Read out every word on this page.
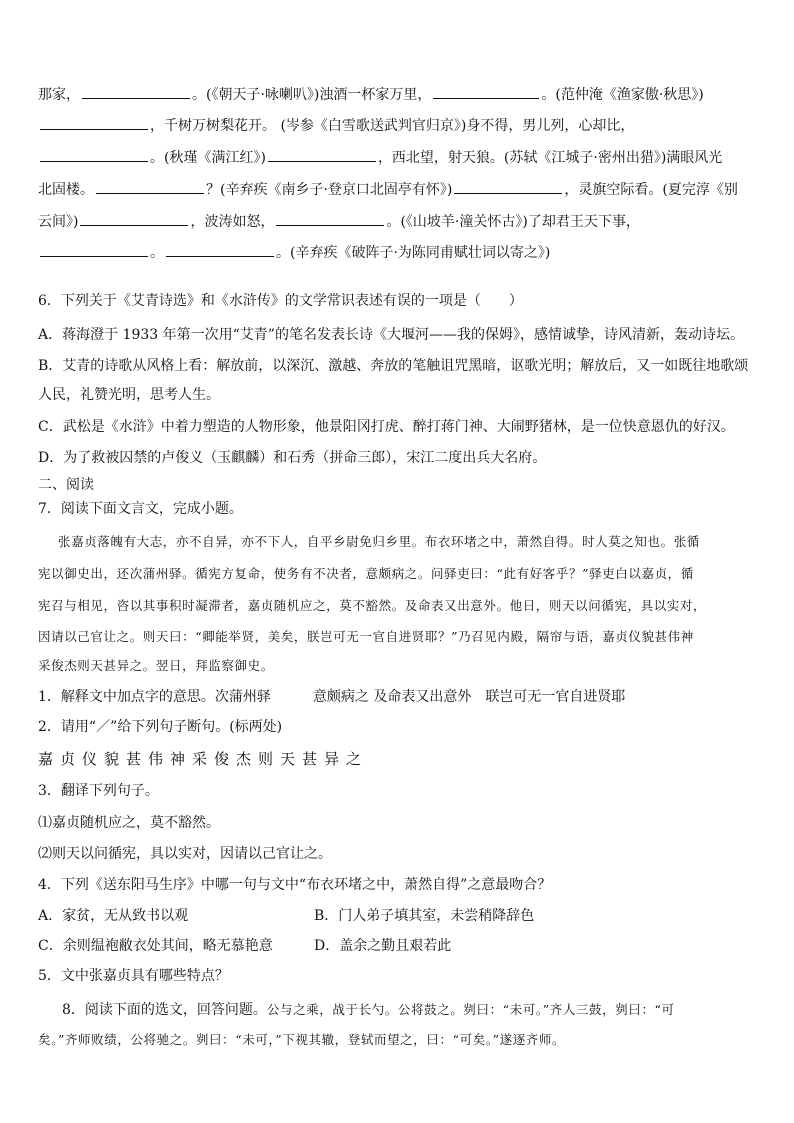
那家，	。(《朝天子·咏喇叭》)浊酒一杯家万里，	。(范仲淹《渔家傲·秋思》)
，千树万树梨花开。 (岑参《白雪歌送武判官归京》)身不得，男儿列，心却比，
。(秋瑾《满江红》)	，西北望，射天狼。(苏轼《江城子·密州出猎》)满眼风光
北固楼。	？(辛弃疾《南乡子·登京口北固亭有怀》)	，灵旗空际看。(夏完淳《别
云间》)	，波涛如怒，	。(《山坡羊·潼关怀古》)了却君王天下事，
。	。(辛弃疾《破阵子·为陈同甫赋壮词以寄之》)
6．下列关于《艾青诗选》和《水浒传》的文学常识表述有误的一项是（　　）
A．蒋海澄于 1933 年第一次用“艾青”的笔名发表长诗《大堰河——我的保姆》，感情诚挚，诗风清新，轰动诗坛。
B．艾青的诗歌从风格上看：解放前，以深沉、激越、奔放的笔触诅咒黑暗，讴歌光明；解放后，又一如既往地歌颂
人民，礼赞光明，思考人生。
C．武松是《水浒》中着力塑造的人物形象，他景阳冈打虎、醉打蒋门神、大闹野猪林，是一位快意恩仇的好汉。
D．为了救被囚禁的卢俊义（玉麒麟）和石秀（拼命三郎），宋江二度出兵大名府。
二、阅读
7．阅读下面文言文，完成小题。
张嘉贞落魄有大志，亦不自异，亦不下人，自平乡尉免归乡里。布衣环堵之中，萧然自得。时人莫之知也。张循
宪以御史出，还次蒲州驿。循宪方复命，使务有不决者，意颇病之。问驿吏曰：“此有好客乎？”驿吏白以嘉贞，循
宪召与相见，咨以其事积时凝滞者，嘉贞随机应之，莫不豁然。及命表又出意外。他日，则天以问循宪，具以实对，
因请以己官让之。则天曰：“卿能举贤，美矣，朕岂可无一官自进贤耶？”乃召见内殿，隔帘与语，嘉贞仪貌甚伟神
采俊杰则天甚异之。翌日，拜监察御史。
1．解释文中加点字的意思。次蒲州驿　　　意颇病之 及命表又出意外　联岂可无一官自进贤耶
2．请用“／”给下列句子断句。(标两处)
嘉贞仪貌甚伟神采俊杰则天甚异之
3．翻译下列句子。
⑴嘉贞随机应之，莫不豁然。
⑵则天以问循宪，具以实对，因请以己官让之。
4．下列《送东阳马生序》中哪一句与文中“布衣环堵之中，萧然自得”之意最吻合？
A．家贫，无从致书以观	B．门人弟子填其室，未尝稍降辞色
C．余则缊袍敝衣处其间，略无慕艳意	D．盖余之勤且艰若此
5．文中张嘉贞具有哪些特点？
8．阅读下面的选文，回答问题。公与之乘，战于长勺。公将鼓之。刿曰：“未可。”齐人三鼓，刿曰：“可
矣。”齐师败绩，公将驰之。刿曰：“未可，”下视其辙，登轼而望之，曰：“可矣。”遂逐齐师。
